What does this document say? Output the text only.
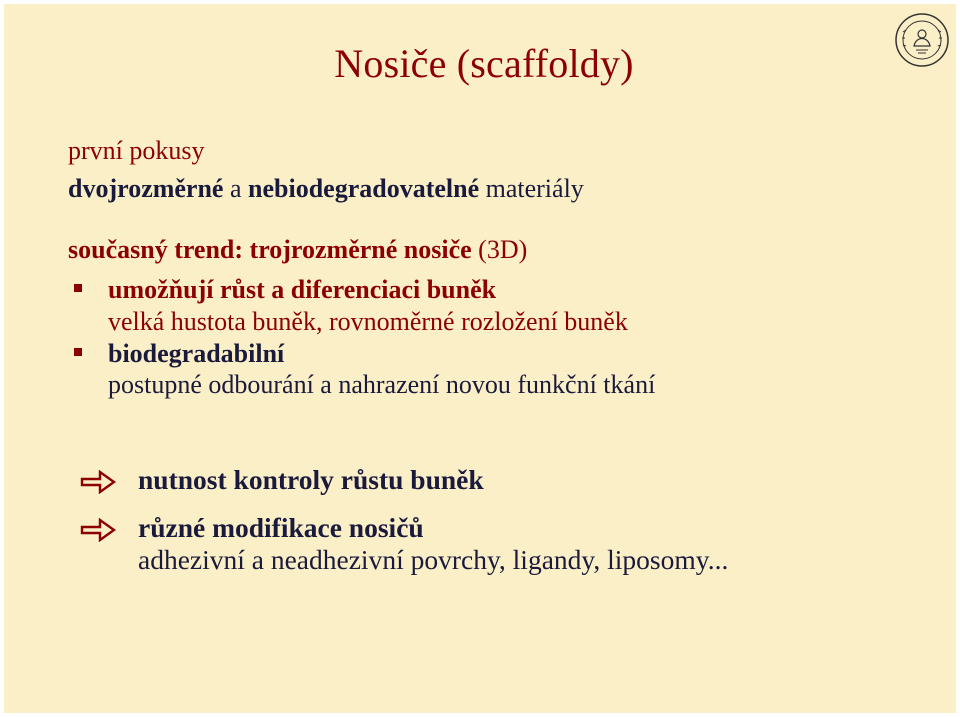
Nosiče (scaffoldy)
první pokusy
dvojrozměrné a nebiodegradovatelné materiály
současný trend: trojrozměrné nosiče (3D)
umožňují růst a diferenciaci buněk
velká hustota buněk, rovnoměrné rozložení buněk
biodegradabilní
postupné odbourání a nahrazení novou funkční tkání
nutnost kontroly růstu buněk
různé modifikace nosičů
adhezivní a neadhezivní povrchy, ligandy, liposomy...
